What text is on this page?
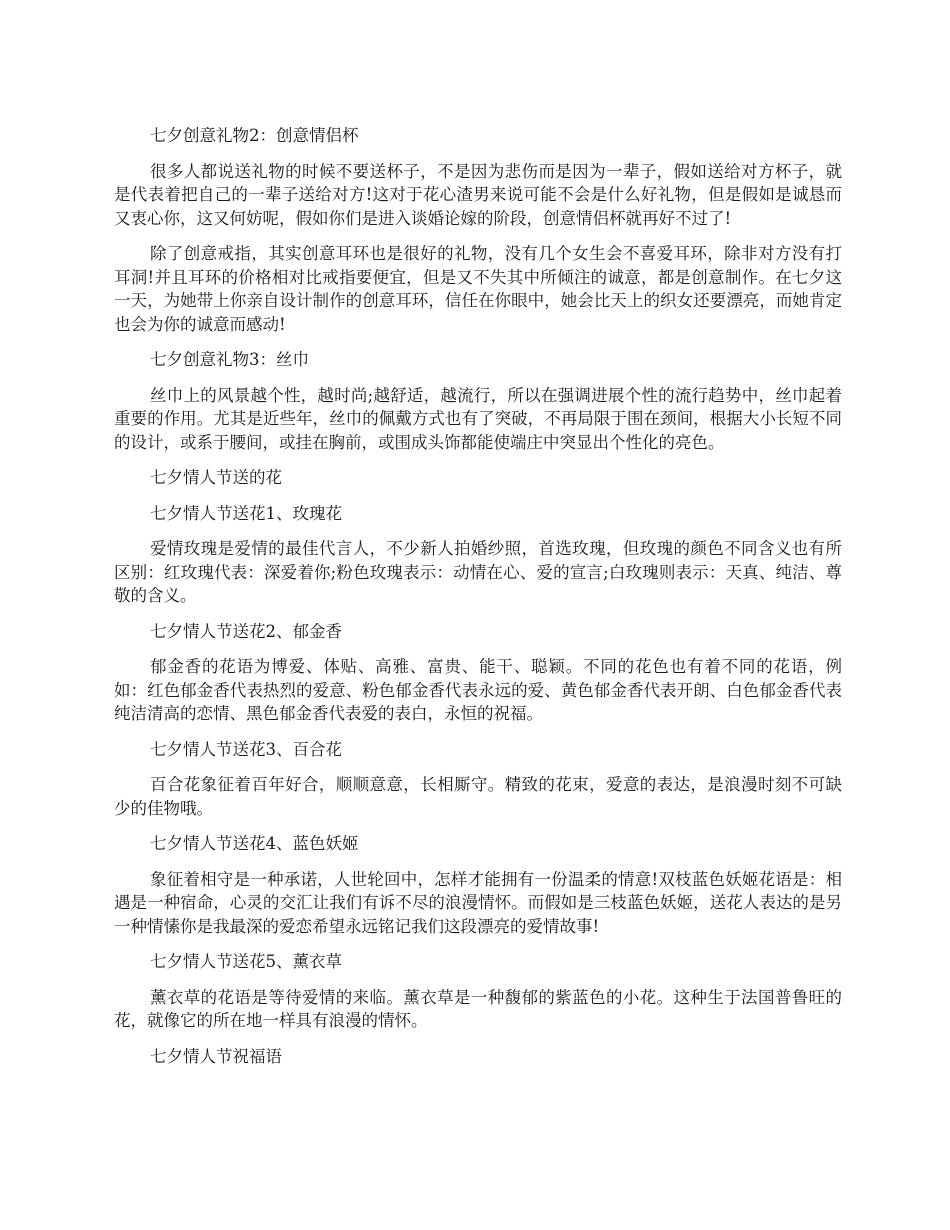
七夕创意礼物2：创意情侣杯

很多人都说送礼物的时候不要送杯子，不是因为悲伤而是因为一辈子，假如送给对方杯子，就是代表着把自己的一辈子送给对方!这对于花心渣男来说可能不会是什么好礼物，但是假如是诚恳而又衷心你，这又何妨呢，假如你们是进入谈婚论嫁的阶段，创意情侣杯就再好不过了!

除了创意戒指，其实创意耳环也是很好的礼物，没有几个女生会不喜爱耳环，除非对方没有打耳洞!并且耳环的价格相对比戒指要便宜，但是又不失其中所倾注的诚意，都是创意制作。在七夕这一天，为她带上你亲自设计制作的创意耳环，信任在你眼中，她会比天上的织女还要漂亮，而她肯定也会为你的诚意而感动!

七夕创意礼物3：丝巾

丝巾上的风景越个性，越时尚;越舒适，越流行，所以在强调进展个性的流行趋势中，丝巾起着重要的作用。尤其是近些年，丝巾的佩戴方式也有了突破，不再局限于围在颈间，根据大小长短不同的设计，或系于腰间，或挂在胸前，或围成头饰都能使端庄中突显出个性化的亮色。

七夕情人节送的花

七夕情人节送花1、玫瑰花

爱情玫瑰是爱情的最佳代言人，不少新人拍婚纱照，首选玫瑰，但玫瑰的颜色不同含义也有所区别：红玫瑰代表：深爱着你;粉色玫瑰表示：动情在心、爱的宣言;白玫瑰则表示：天真、纯洁、尊敬的含义。

七夕情人节送花2、郁金香

郁金香的花语为博爱、体贴、高雅、富贵、能干、聪颖。不同的花色也有着不同的花语，例如：红色郁金香代表热烈的爱意、粉色郁金香代表永远的爱、黄色郁金香代表开朗、白色郁金香代表纯洁清高的恋情、黑色郁金香代表爱的表白，永恒的祝福。

七夕情人节送花3、百合花

百合花象征着百年好合，顺顺意意，长相厮守。精致的花束，爱意的表达，是浪漫时刻不可缺少的佳物哦。

七夕情人节送花4、蓝色妖姬

象征着相守是一种承诺，人世轮回中，怎样才能拥有一份温柔的情意!双枝蓝色妖姬花语是：相遇是一种宿命，心灵的交汇让我们有诉不尽的浪漫情怀。而假如是三枝蓝色妖姬，送花人表达的是另一种情愫你是我最深的爱恋希望永远铭记我们这段漂亮的爱情故事!

七夕情人节送花5、薰衣草

薰衣草的花语是等待爱情的来临。薰衣草是一种馥郁的紫蓝色的小花。这种生于法国普鲁旺的花，就像它的所在地一样具有浪漫的情怀。

七夕情人节祝福语
